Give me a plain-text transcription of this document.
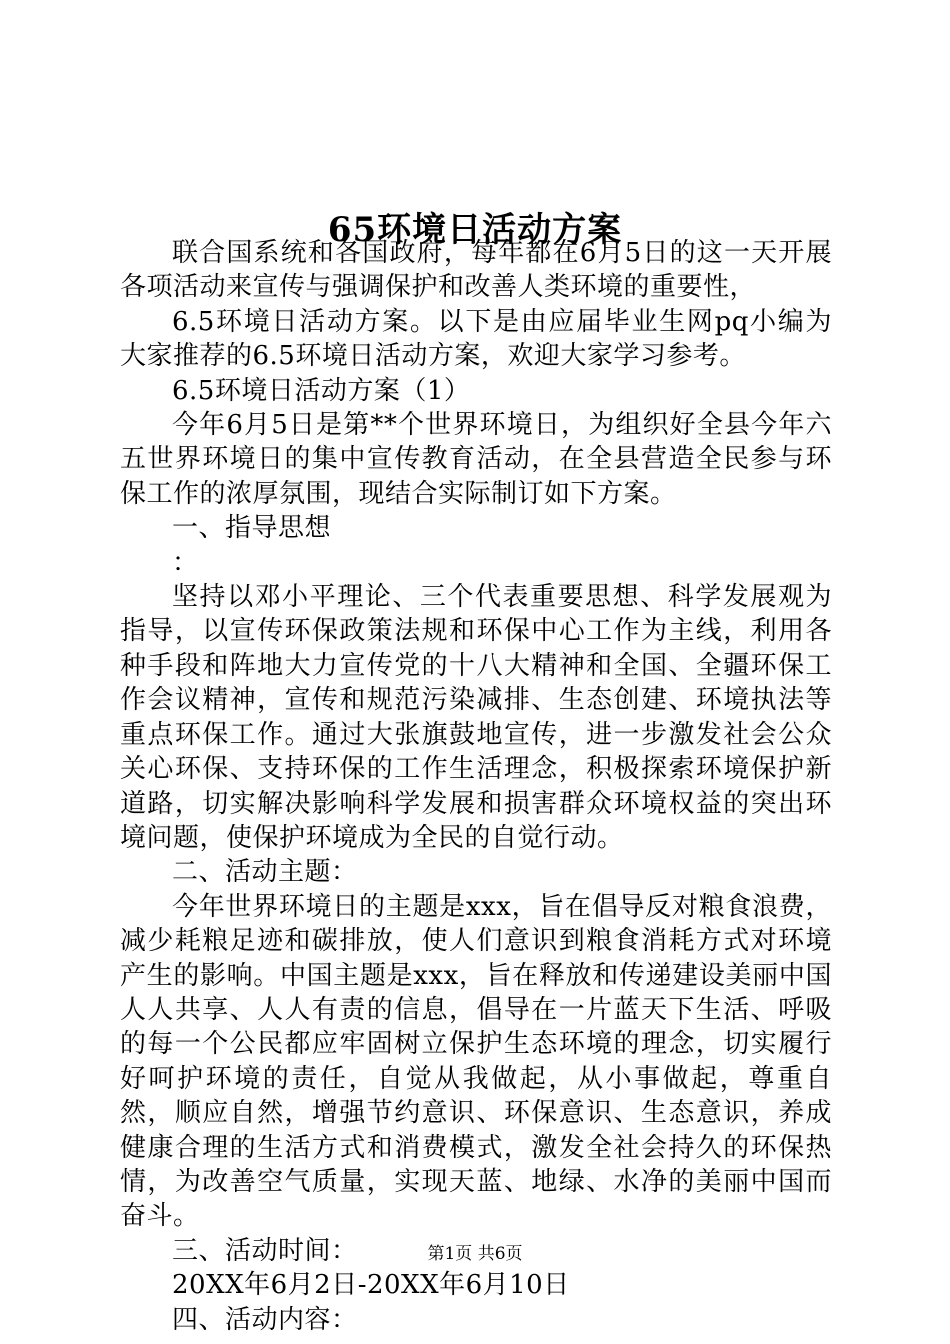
65环境日活动方案

联合国系统和各国政府，每年都在6月5日的这一天开展各项活动来宣传与强调保护和改善人类环境的重要性，

6.5环境日活动方案。以下是由应届毕业生网pq小编为大家推荐的6.5环境日活动方案，欢迎大家学习参考。

6.5环境日活动方案（1）

今年6月5日是第**个世界环境日，为组织好全县今年六五世界环境日的集中宣传教育活动，在全县营造全民参与环保工作的浓厚氛围，现结合实际制订如下方案。

一、指导思想

：

坚持以邓小平理论、三个代表重要思想、科学发展观为指导，以宣传环保政策法规和环保中心工作为主线，利用各种手段和阵地大力宣传党的十八大精神和全国、全疆环保工作会议精神，宣传和规范污染减排、生态创建、环境执法等重点环保工作。通过大张旗鼓地宣传，进一步激发社会公众关心环保、支持环保的工作生活理念，积极探索环境保护新道路，切实解决影响科学发展和损害群众环境权益的突出环境问题，使保护环境成为全民的自觉行动。

二、活动主题：

今年世界环境日的主题是xxx，旨在倡导反对粮食浪费，减少耗粮足迹和碳排放，使人们意识到粮食消耗方式对环境产生的影响。中国主题是xxx，旨在释放和传递建设美丽中国人人共享、人人有责的信息，倡导在一片蓝天下生活、呼吸的每一个公民都应牢固树立保护生态环境的理念，切实履行好呵护环境的责任，自觉从我做起，从小事做起，尊重自然，顺应自然，增强节约意识、环保意识、生态意识，养成健康合理的生活方式和消费模式，激发全社会持久的环保热情，为改善空气质量，实现天蓝、地绿、水净的美丽中国而奋斗。

三、活动时间：

20XX年6月2日-20XX年6月10日

四、活动内容：

第1页 共6页
